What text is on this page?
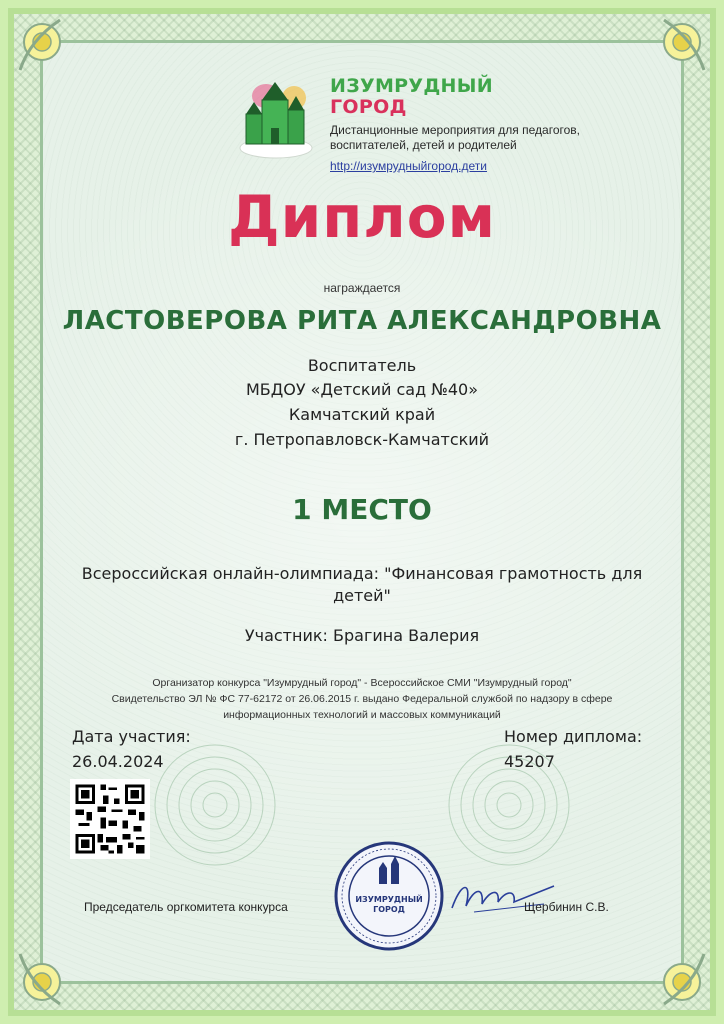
ИЗУМРУДНЫЙ
ГОРОД

Дистанционные мероприятия для педагогов, воспитателей, детей и родителей

http://изумрудныйгород.дети
Диплом

награждается

ЛАСТОВЕРОВА РИТА АЛЕКСАНДРОВНА

Воспитатель

МБДОУ «Детский сад №40»

Камчатский край

г. Петропавловск-Камчатский

1 МЕСТО

Всероссийская онлайн-олимпиада: "Финансовая грамотность для детей"

Участник: Брагина Валерия

Организатор конкурса "Изумрудный город" - Всероссийское СМИ "Изумрудный город"
Свидетельство ЭЛ № ФС 77-62172 от 26.06.2015 г. выдано Федеральной службой по надзору в сфере
информационных технологий и массовых коммуникаций

Дата участия:

26.04.2024

Номер диплома:

45207

Председатель оргкомитета конкурса

ИЗУМРУДНЫЙ
ГОРОД	Щербинин С.В.
